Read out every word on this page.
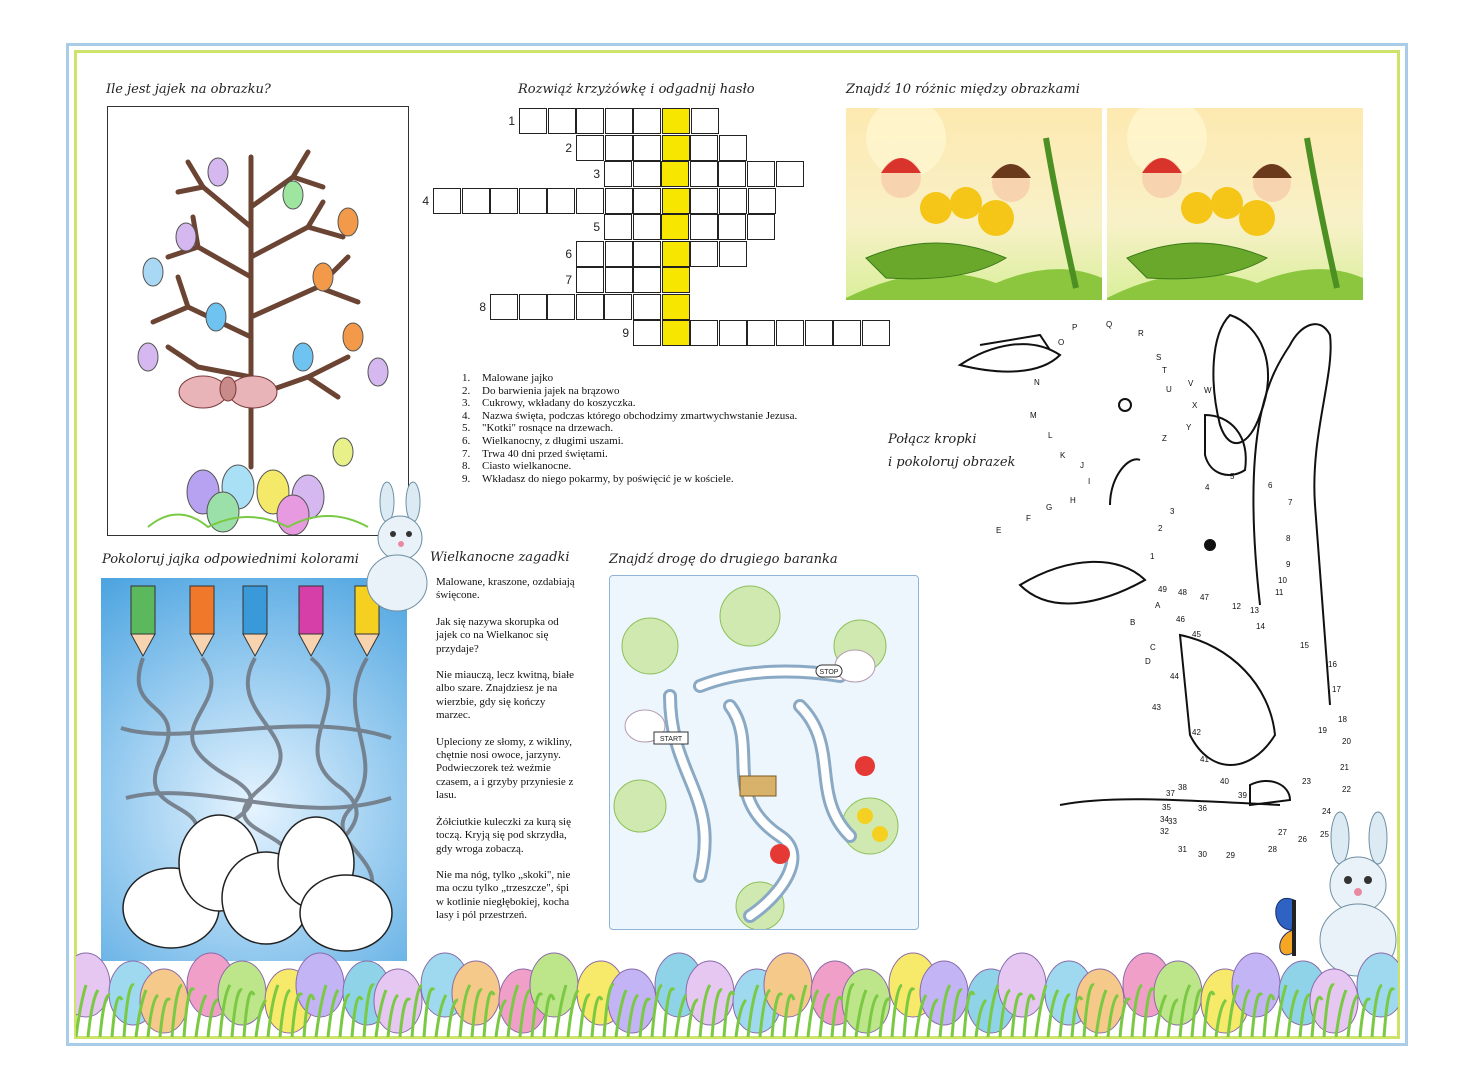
Ile jest jajek na obrazku?	Rozwiąż krzyżówkę i odgadnij hasło	Znajdź 10 różnic między obrazkami
Pokoloruj jajka odpowiednimi kolorami	Wielkanocne zagadki	Znajdź drogę do drugiego baranka
Połącz kropki
i pokoloruj obrazek
1
2
3
4
5
6
7
8
9
1.	Malowane jajko
2.	Do barwienia jajek na brązowo
3.	Cukrowy, wkładany do koszyczka.
4.	Nazwa święta, podczas którego obchodzimy zmartwychwstanie Jezusa.
5.	"Kotki" rosnące na drzewach.
6.	Wielkanocny, z długimi uszami.
7.	Trwa 40 dni przed świętami.
8.	Ciasto wielkanocne.
9.	Wkładasz do niego pokarmy, by poświęcić je w kościele.

Malowane, kraszone, ozdabiają święcone.

Jak się nazywa skorupka od jajek co na Wielkanoc się przydaje?

Nie miauczą, lecz kwitną, białe albo szare. Znajdziesz je na wierzbie, gdy się kończy marzec.

Upleciony ze słomy, z wikliny, chętnie nosi owoce, jarzyny. Podwieczorek też weźmie czasem, a i grzyby przyniesie z lasu.

Żółciutkie kuleczki za kurą się toczą. Kryją się pod skrzydła, gdy wroga zobaczą.

Nie ma nóg, tylko „skoki", nie ma oczu tylko „trzeszcze", śpi w kotlinie niegłębokiej, kocha lasy i pól przestrzeń.

START
STOP
1
2
3
4
5
6
7
8
9
10
11
12 13
14
15
16
17
18
19
20
21
22
23
24
25
26
27
28
29
30
31
32
33
34
35	36
37
38
39
40
41
42
43
44
45
46
47
48
49
A
B
C
D
E
F
G
H
I
J
K
L
M
N
O
P	Q
R
S
T
U
V
W
X
Y
Z
